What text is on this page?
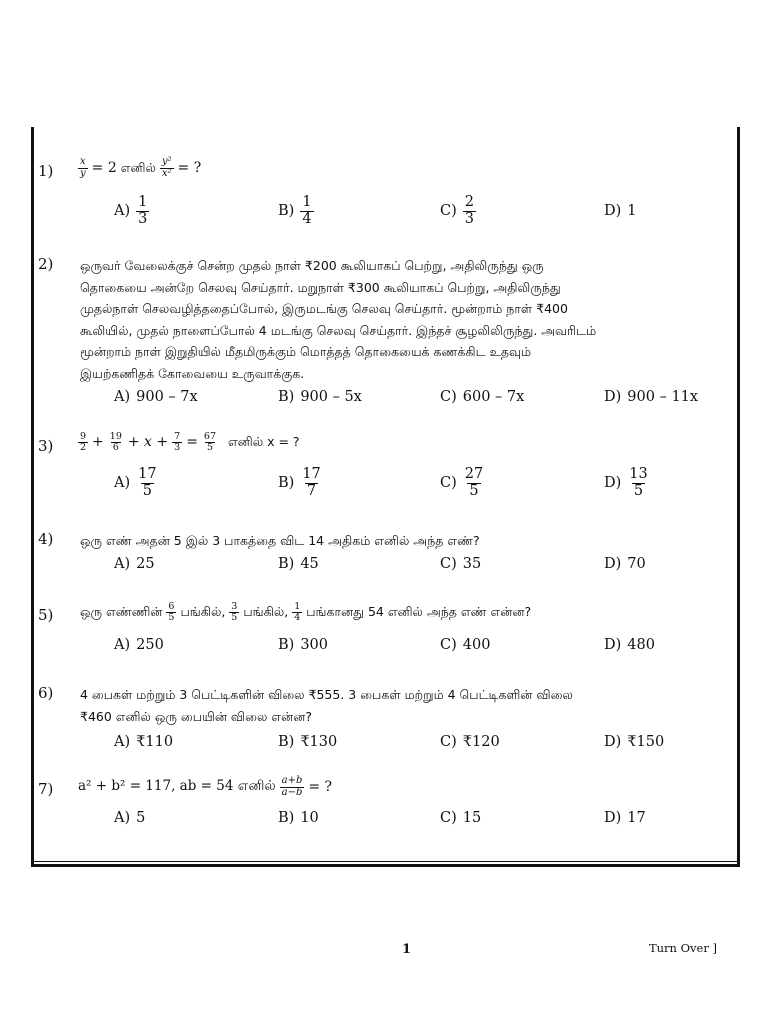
$1) \frac{x}{y} = 2$ எனில் $\frac{\text{y²}}{\text{x²}}$ = ?
$A) \frac{1}{3}$	$B) \frac{1}{4}$	$C) \frac{2}{3}$	D) 1
2) ஒருவர் வேலைக்குச் சென்ற முதல் நாள் ₹200 கூலியாகப் பெற்று, அதிலிருந்து ஒரு
தொகையை அன்றே செலவு செய்தார். மறுநாள் ₹300 கூலியாகப் பெற்று, அதிலிருந்து
முதல்நாள் செலவழித்ததைப்போல், இருமடங்கு செலவு செய்தார். மூன்றாம் நாள் ₹400
கூலியில், முதல் நாளைப்போல் 4 மடங்கு செலவு செய்தார். இந்தச் சூழலிலிருந்து. அவரிடம்
மூன்றாம் நாள் இறுதியில் மீதமிருக்கும் மொத்தத் தொகையைக் கணக்கிட உதவும்
இயற்கணிதக் கோவையை உருவாக்குக.
A) 900 – 7x	B) 900 – 5x	C) 600 – 7x	D) 900 – 11x
3)	$\frac{9}{2} + \frac{19}{6} + x + \frac{7}{3} = \frac{67}{5}$ எனில் x = ?
$A) \frac{17}{5}$	$B) \frac{17}{7}$	$C) \frac{27}{5}$	$D) \frac{13}{5}$
4) ஒரு எண் அதன் 5 இல் 3 பாகத்தை விட 14 அதிகம் எனில் அந்த எண்?
A) 25	B) 45	C) 35	D) 70
5) ஒரு எண்ணின் $\frac{6}{5}$ பங்கில், $\frac{3}{5}$ பங்கில், $\frac{1}{4}$ பங்கானது 54 எனில் அந்த எண் என்ன?
A) 250	B) 300	C) 400	D) 480
6) 4 பைகள் மற்றும் 3 பெட்டிகளின் விலை ₹555. 3 பைகள் மற்றும் 4 பெட்டிகளின் விலை
₹460 எனில் ஒரு பையின் விலை என்ன?
A) ₹110	B) ₹130	C) ₹120	D) ₹150
7) a² + b² = 117, ab = 54 எனில் $\frac{a+b}{a-b}$ = ?
A) 5	B) 10	C) 15	D) 17
1	Turn Over ]
